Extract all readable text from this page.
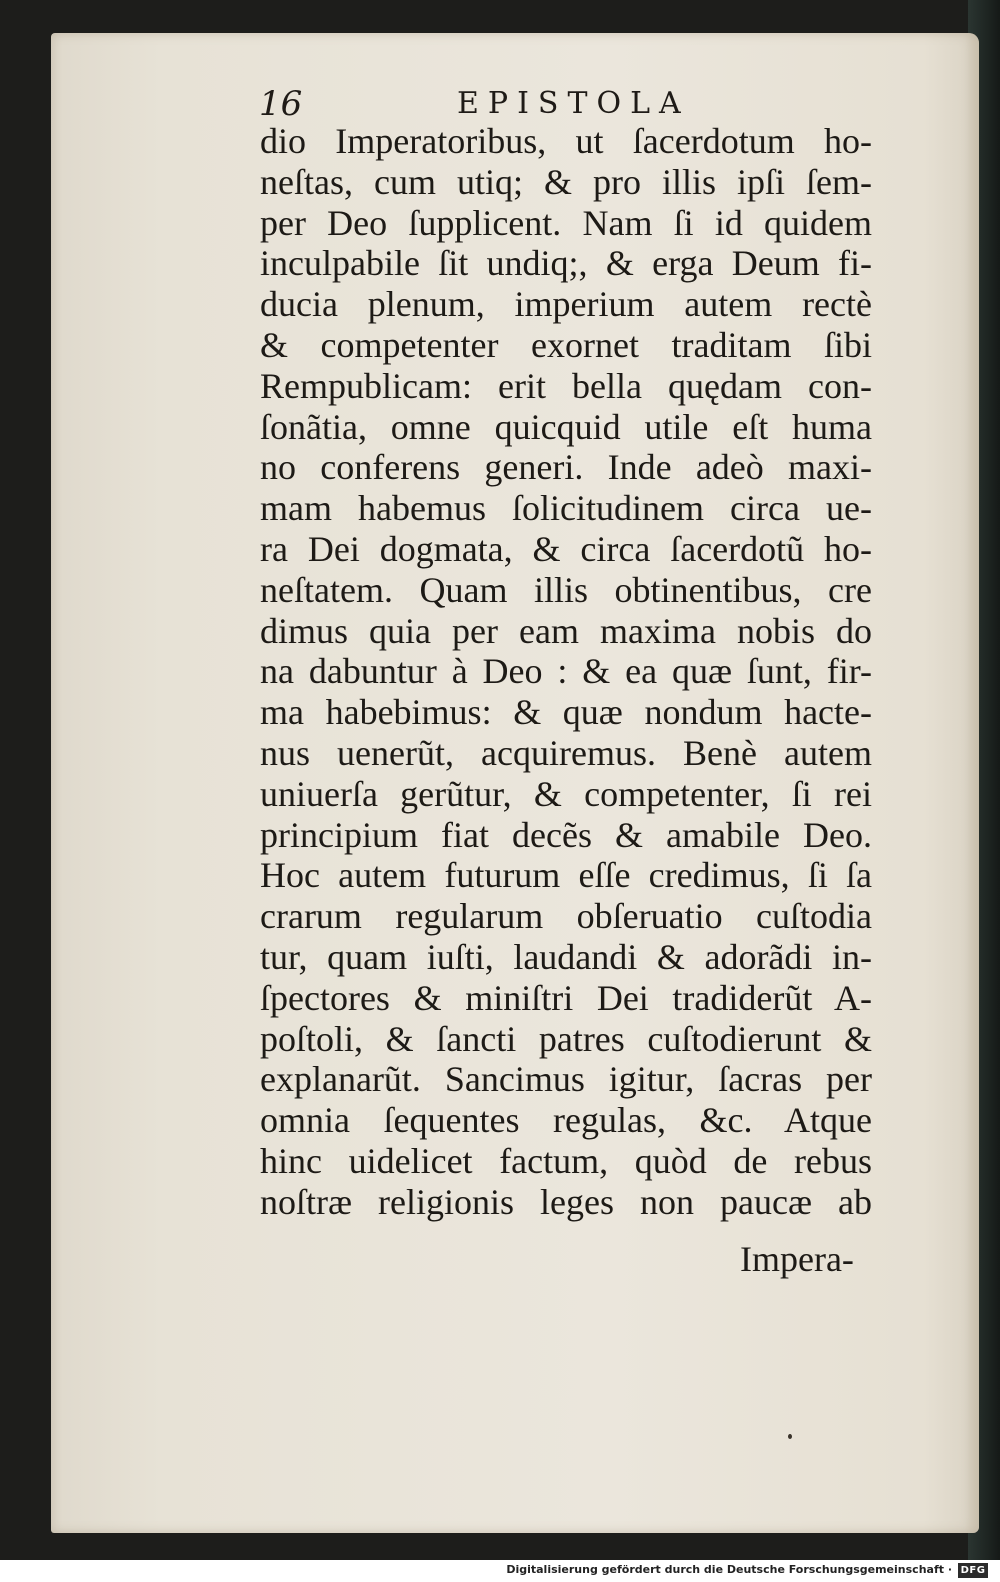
16	EPISTOLA
dio Imperatoribus, ut ſacerdotum ho-
neſtas, cum utiq; & pro illis ipſi ſem-
per Deo ſupplicent. Nam ſi id quidem
inculpabile ſit undiq;, & erga Deum fi-
ducia plenum, imperium autem rectè
& competenter exornet traditam ſibi
Rempublicam: erit bella quędam con-
ſonãtia, omne quicquid utile eſt huma
no conferens generi. Inde adeò maxi-
mam habemus ſolicitudinem circa ue-
ra Dei dogmata, & circa ſacerdotũ ho-
neſtatem. Quam illis obtinentibus, cre
dimus quia per eam maxima nobis do
na dabuntur à Deo : & ea quæ ſunt, fir-
ma habebimus: & quæ nondum hacte-
nus uenerũt, acquiremus. Benè autem
uniuerſa gerũtur, & competenter, ſi rei
principium fiat decẽs & amabile Deo.
Hoc autem futurum eſſe credimus, ſi ſa
crarum regularum obſeruatio cuſtodia
tur, quam iuſti, laudandi & adorãdi in-
ſpectores & miniſtri Dei tradiderũt A-
poſtoli, & ſancti patres cuſtodierunt &
explanarũt. Sancimus igitur, ſacras per
omnia ſequentes regulas, &c. Atque
hinc uidelicet factum, quòd de rebus
noſtræ religionis leges non paucæ ab
Impera-
Digitalisierung gefördert durch die Deutsche Forschungsgemeinschaft · DFG
